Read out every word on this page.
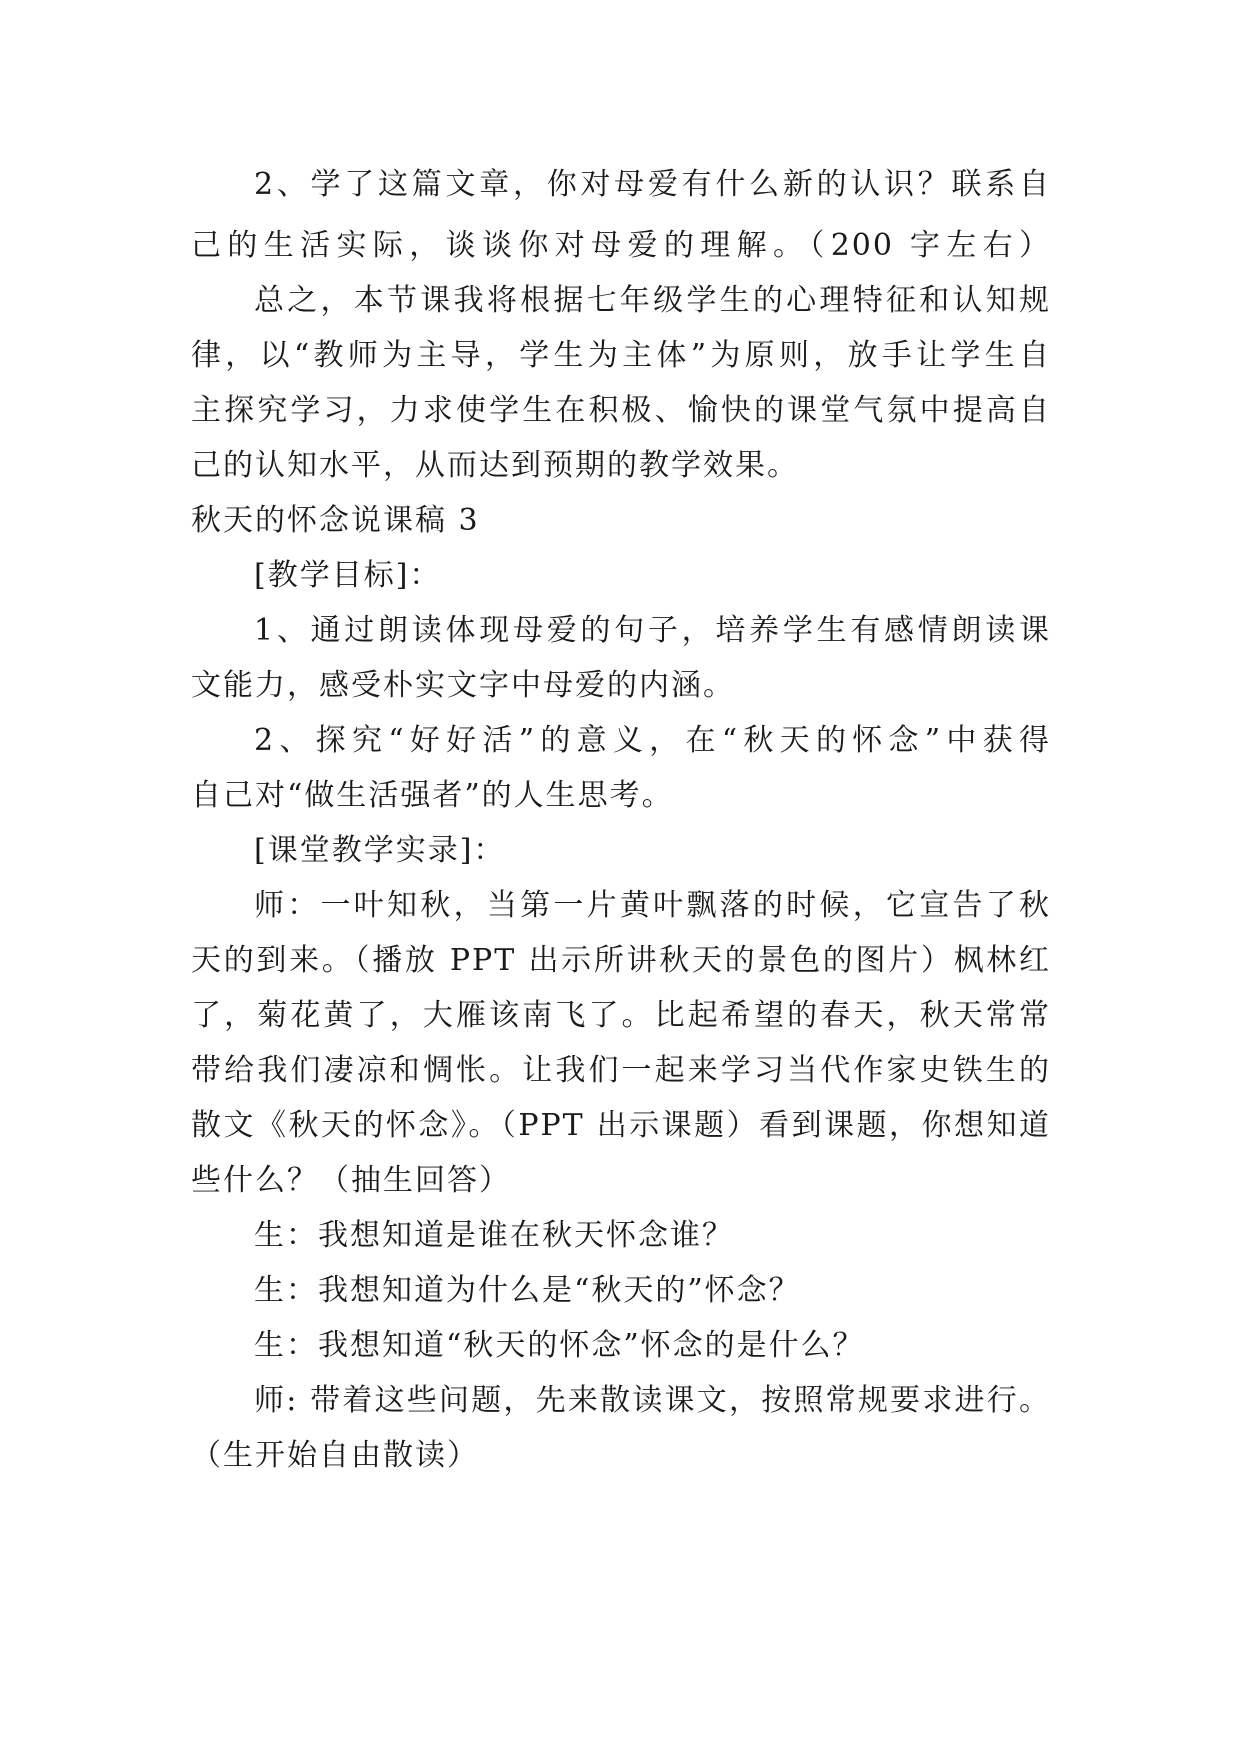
2、学了这篇文章，你对母爱有什么新的认识？联系自
己的生活实际，谈谈你对母爱的理解。（200 字左右）
总之，本节课我将根据七年级学生的心理特征和认知规
律，以“教师为主导，学生为主体”为原则，放手让学生自
主探究学习，力求使学生在积极、愉快的课堂气氛中提高自
己的认知水平，从而达到预期的教学效果。
秋天的怀念说课稿 3
[教学目标]：
1、通过朗读体现母爱的句子，培养学生有感情朗读课
文能力，感受朴实文字中母爱的内涵。
2、探究“好好活”的意义，在“秋天的怀念”中获得
自己对“做生活强者”的人生思考。
[课堂教学实录]：
师：一叶知秋，当第一片黄叶飘落的时候，它宣告了秋
天的到来。（播放 PPT 出示所讲秋天的景色的图片）枫林红
了，菊花黄了，大雁该南飞了。比起希望的春天，秋天常常
带给我们凄凉和惆怅。让我们一起来学习当代作家史铁生的
散文《秋天的怀念》。（PPT 出示课题）看到课题，你想知道
些什么？（抽生回答）
生：我想知道是谁在秋天怀念谁？
生：我想知道为什么是“秋天的”怀念？
生：我想知道“秋天的怀念”怀念的是什么？
师: 带着这些问题，先来散读课文，按照常规要求进行。
（生开始自由散读）
